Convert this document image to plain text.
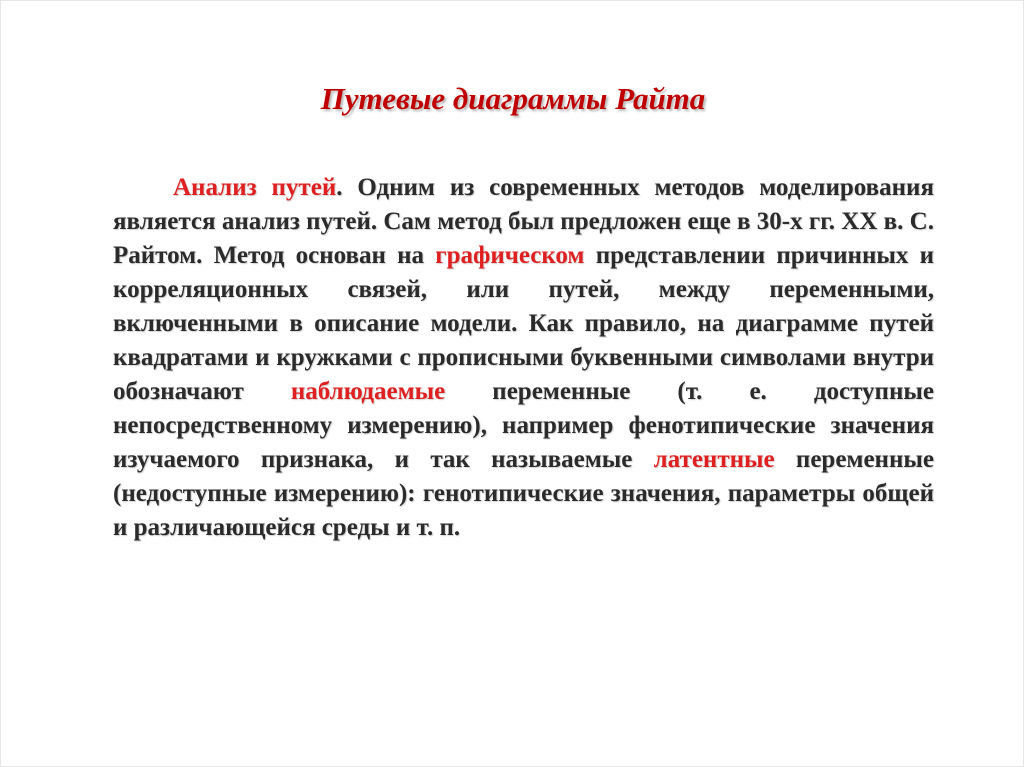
Путевые диаграммы Райта

Анализ путей. Одним из современных методов моделирования является анализ путей. Сам метод был предложен еще в 30-х гг. XX в. С. Райтом. Метод основан на графическом представлении причинных и корреляционных связей, или путей, между переменными, включенными в описание модели. Как правило, на диаграмме путей квадратами и кружками с прописными буквенными символами внутри обозначают наблюдаемые переменные (т. е. доступные непосредственному измерению), например фенотипические значения изучаемого признака, и так называемые латентные переменные (недоступные измерению): генотипические значения, параметры общей и различающейся среды и т. п.
